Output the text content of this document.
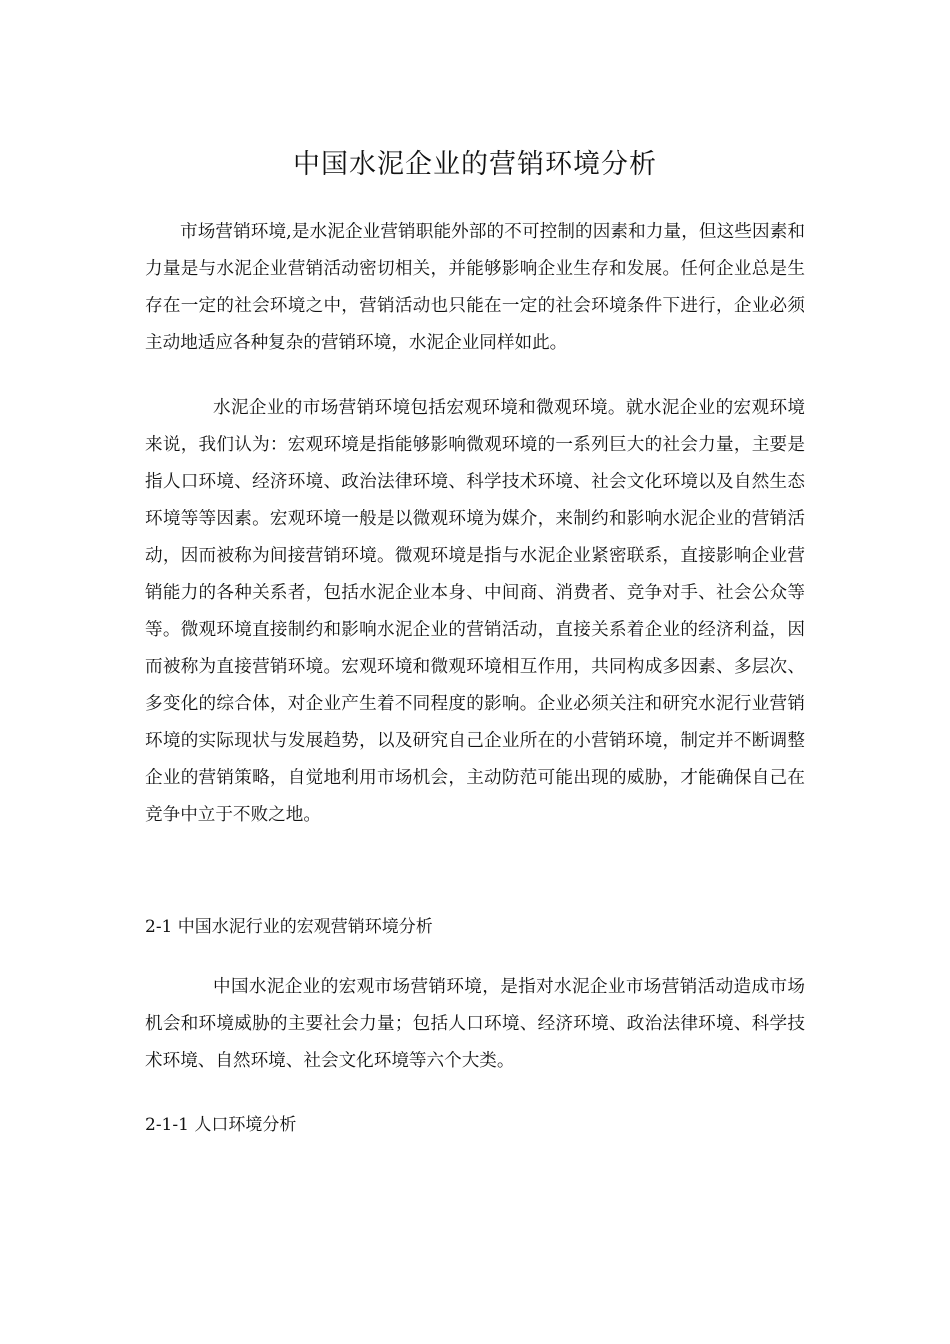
中国水泥企业的营销环境分析

市场营销环境,是水泥企业营销职能外部的不可控制的因素和力量，但这些因素和力量是与水泥企业营销活动密切相关，并能够影响企业生存和发展。任何企业总是生存在一定的社会环境之中，营销活动也只能在一定的社会环境条件下进行，企业必须主动地适应各种复杂的营销环境，水泥企业同样如此。

水泥企业的市场营销环境包括宏观环境和微观环境。就水泥企业的宏观环境来说，我们认为：宏观环境是指能够影响微观环境的一系列巨大的社会力量，主要是指人口环境、经济环境、政治法律环境、科学技术环境、社会文化环境以及自然生态环境等等因素。宏观环境一般是以微观环境为媒介，来制约和影响水泥企业的营销活动，因而被称为间接营销环境。微观环境是指与水泥企业紧密联系，直接影响企业营销能力的各种关系者，包括水泥企业本身、中间商、消费者、竞争对手、社会公众等等。微观环境直接制约和影响水泥企业的营销活动，直接关系着企业的经济利益，因而被称为直接营销环境。宏观环境和微观环境相互作用，共同构成多因素、多层次、多变化的综合体，对企业产生着不同程度的影响。企业必须关注和研究水泥行业营销环境的实际现状与发展趋势，以及研究自己企业所在的小营销环境，制定并不断调整企业的营销策略，自觉地利用市场机会，主动防范可能出现的威胁，才能确保自己在竞争中立于不败之地。

2-1 中国水泥行业的宏观营销环境分析

中国水泥企业的宏观市场营销环境，是指对水泥企业市场营销活动造成市场机会和环境威胁的主要社会力量；包括人口环境、经济环境、政治法律环境、科学技术环境、自然环境、社会文化环境等六个大类。

2-1-1 人口环境分析
